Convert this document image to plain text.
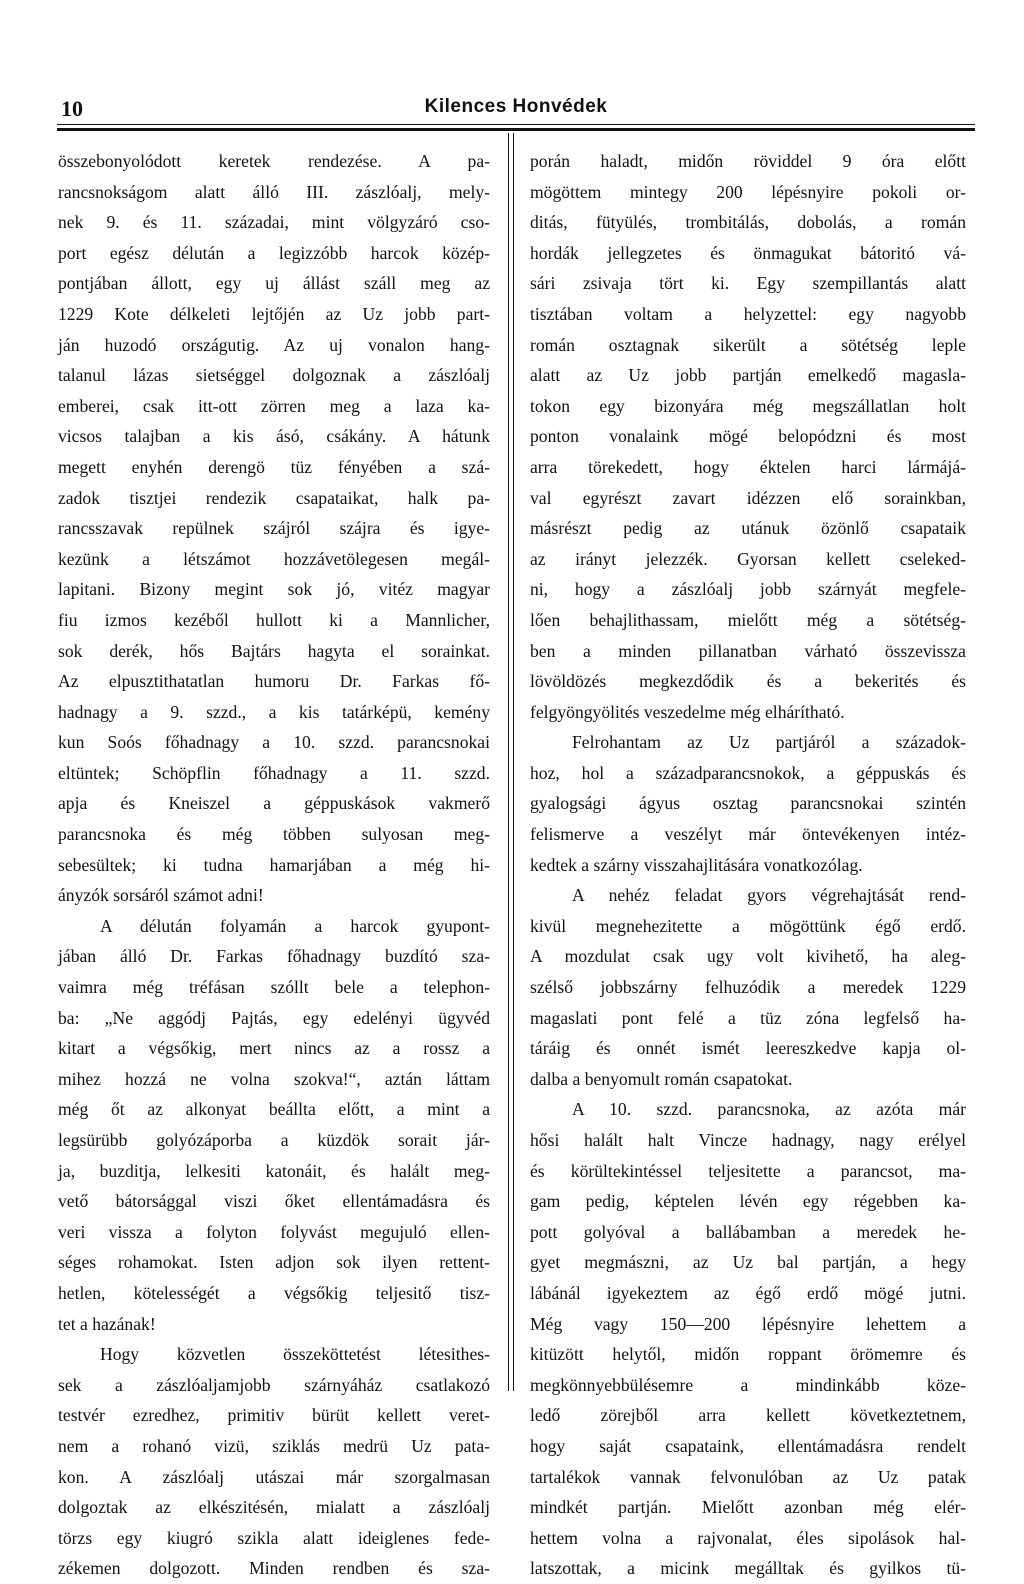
10	Kilences Honvédek
összebonyolódott keretek rendezése. A pa-
rancsnokságom alatt álló III. zászlóalj, mely-
nek 9. és 11. századai, mint völgyzáró cso-
port egész délután a legizzóbb harcok közép-
pontjában állott, egy uj állást száll meg az
1229 Kote délkeleti lejtőjén az Uz jobb part-
ján huzodó országutig. Az uj vonalon hang-
talanul lázas sietséggel dolgoznak a zászlóalj
emberei, csak itt-ott zörren meg a laza ka-
vicsos talajban a kis ásó, csákány. A hátunk
megett enyhén derengö tüz fényében a szá-
zadok tisztjei rendezik csapataikat, halk pa-
rancsszavak repülnek szájról szájra és igye-
kezünk a létszámot hozzávetölegesen megál-
lapitani. Bizony megint sok jó, vitéz magyar
fiu izmos kezéből hullott ki a Mannlicher,
sok derék, hős Bajtárs hagyta el sorainkat.
Az elpusztithatatlan humoru Dr. Farkas fő-
hadnagy a 9. szzd., a kis tatárképü, kemény
kun Soós főhadnagy a 10. szzd. parancsnokai
eltüntek; Schöpflin főhadnagy a 11. szzd.
apja és Kneiszel a géppuskások vakmerő
parancsnoka és még többen sulyosan meg-
sebesültek; ki tudna hamarjában a még hi-
ányzók sorsáról számot adni!
A délután folyamán a harcok gyupont-
jában álló Dr. Farkas főhadnagy buzdító sza-
vaimra még tréfásan szóllt bele a telephon-
ba: „Ne aggódj Pajtás, egy edelényi ügyvéd
kitart a végsőkig, mert nincs az a rossz a
mihez hozzá ne volna szokva!“, aztán láttam
még őt az alkonyat beállta előtt, a mint a
legsürübb golyózáporba a küzdök sorait jár-
ja, buzditja, lelkesiti katonáit, és halált meg-
vető bátorsággal viszi őket ellentámadásra és
veri vissza a folyton folyvást megujuló ellen-
séges rohamokat. Isten adjon sok ilyen rettent-
hetlen, kötelességét a végsőkig teljesitő tisz-
tet a hazának!
Hogy közvetlen összeköttetést létesithes-
sek a zászlóaljamjobb szárnyáház csatlakozó
testvér ezredhez, primitiv bürüt kellett veret-
nem a rohanó vizü, sziklás medrü Uz pata-
kon. A zászlóalj utászai már szorgalmasan
dolgoztak az elkészitésén, mialatt a zászlóalj
törzs egy kiugró szikla alatt ideiglenes fede-
zékemen dolgozott. Minden rendben és sza-
porán haladt, midőn röviddel 9 óra előtt
mögöttem mintegy 200 lépésnyire pokoli or-
ditás, fütyülés, trombitálás, dobolás, a román
hordák jellegzetes és önmagukat bátoritó vá-
sári zsivaja tört ki. Egy szempillantás alatt
tisztában voltam a helyzettel: egy nagyobb
román osztagnak sikerült a sötétség leple
alatt az Uz jobb partján emelkedő magasla-
tokon egy bizonyára még megszállatlan holt
ponton vonalaink mögé belopódzni és most
arra törekedett, hogy éktelen harci lármájá-
val egyrészt zavart idézzen elő sorainkban,
másrészt pedig az utánuk özönlő csapataik
az irányt jelezzék. Gyorsan kellett cseleked-
ni, hogy a zászlóalj jobb szárnyát megfele-
lően behajlithassam, mielőtt még a sötétség-
ben a minden pillanatban várható összevissza
lövöldözés megkezdődik és a bekerités és
felgyöngyölités veszedelme még elhárítható.
Felrohantam az Uz partjáról a századok-
hoz, hol a századparancsnokok, a géppuskás és
gyalogsági ágyus osztag parancsnokai szintén
felismerve a veszélyt már öntevékenyen intéz-
kedtek a szárny visszahajlitására vonatkozólag.
A nehéz feladat gyors végrehajtását rend-
kivül megnehezitette a mögöttünk égő erdő.
A mozdulat csak ugy volt kivihető, ha aleg-
szélső jobbszárny felhuzódik a meredek 1229
magaslati pont felé a tüz zóna legfelső ha-
táráig és onnét ismét leereszkedve kapja ol-
dalba a benyomult román csapatokat.
A 10. szzd. parancsnoka, az azóta már
hősi halált halt Vincze hadnagy, nagy erélyel
és körültekintéssel teljesitette a parancsot, ma-
gam pedig, képtelen lévén egy régebben ka-
pott golyóval a ballábamban a meredek he-
gyet megmászni, az Uz bal partján, a hegy
lábánál igyekeztem az égő erdő mögé jutni.
Még vagy 150—200 lépésnyire lehettem a
kitüzött helytől, midőn roppant örömemre és
megkönnyebbülésemre a mindinkább köze-
ledő zörejből arra kellett következtetnem,
hogy saját csapataink, ellentámadásra rendelt
tartalékok vannak felvonulóban az Uz patak
mindkét partján. Mielőtt azonban még elér-
hettem volna a rajvonalat, éles sipolások hal-
latszottak, a micink megálltak és gyilkos tü-
